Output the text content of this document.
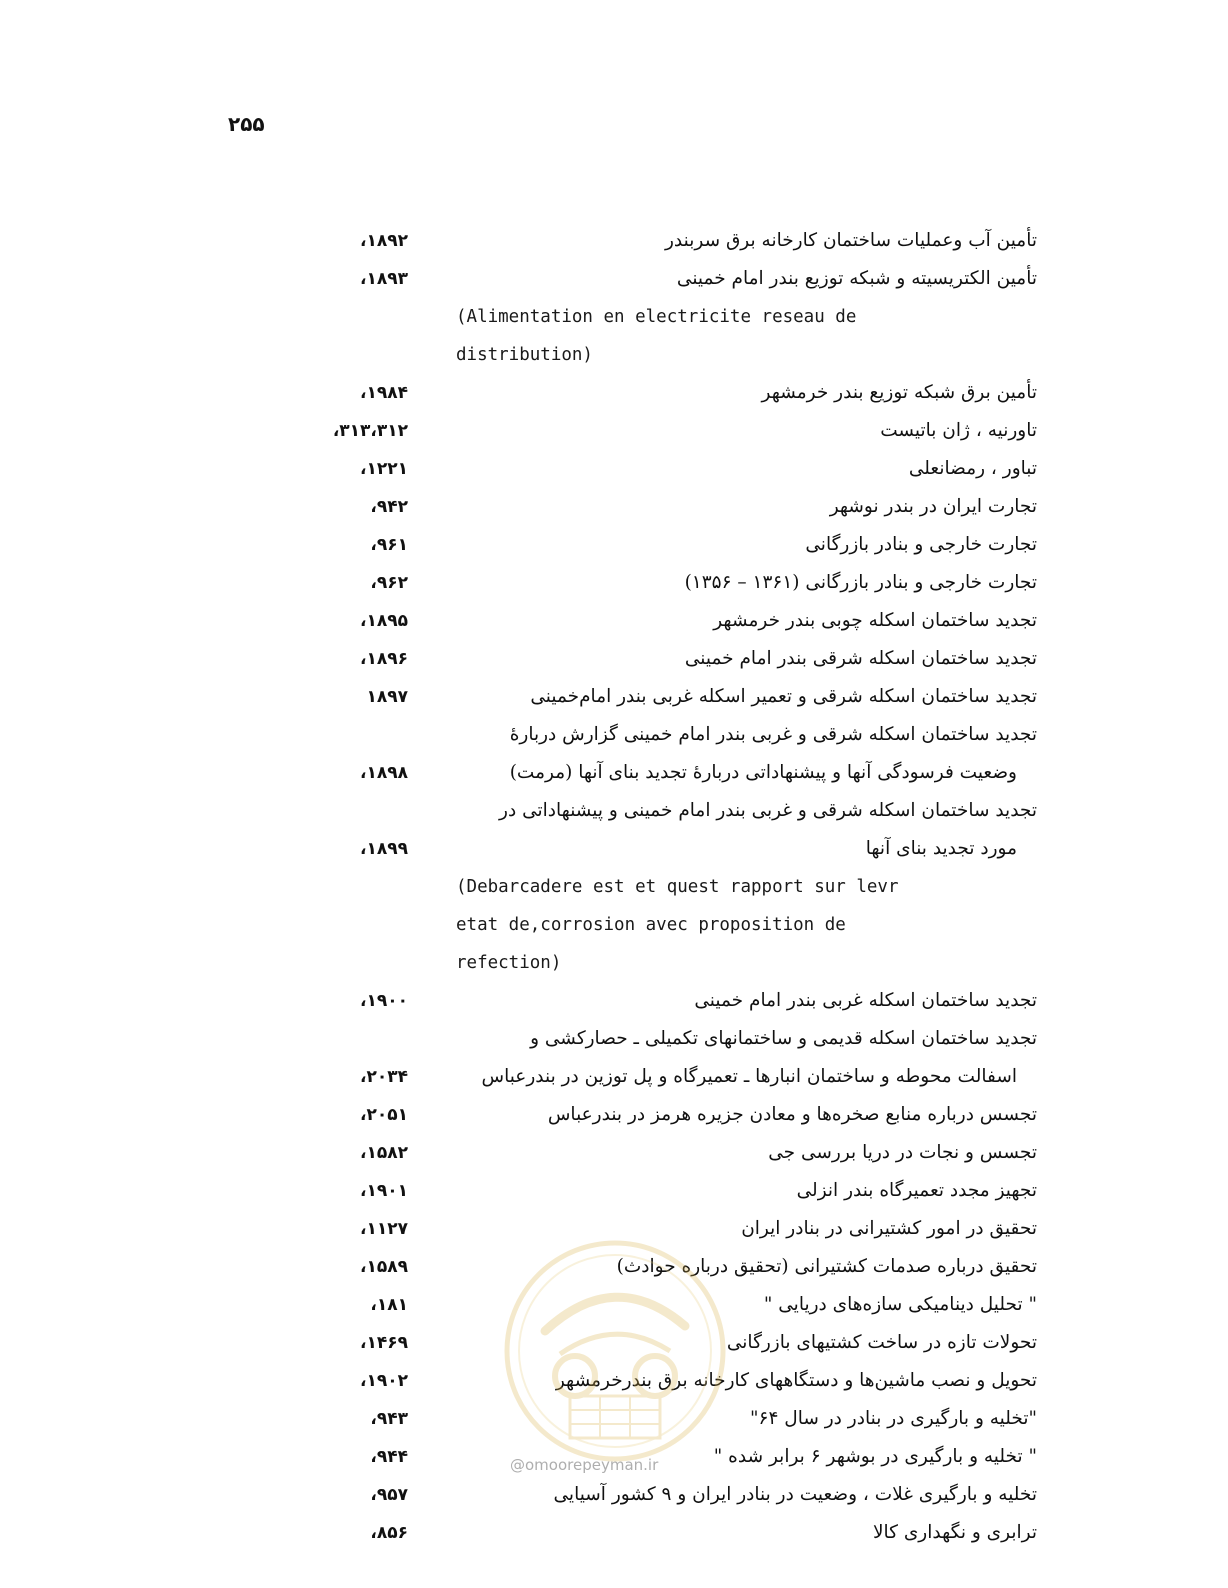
۲۵۵
تأمین آب وعملیات ساختمان کارخانه برق سربندر
۱۸۹۲،
تأمین الکتریسیته و شبکه توزیع بندر امام خمینی
۱۸۹۳،
(Alimentation en electricite reseau de
distribution)
تأمین برق شبکه توزیع بندر خرمشهر
۱۹۸۴،
تاورنیه ، ژان باتیست
۳۱۳،۳۱۲،
تباور ، رمضانعلی
۱۲۲۱،
تجارت ایران در بندر نوشهر
۹۴۲،
تجارت خارجی و بنادر بازرگانی
۹۶۱،
تجارت خارجی و بنادر بازرگانی (۱۳۶۱ – ۱۳۵۶)
۹۶۲،
تجدید ساختمان اسکله چوبی بندر خرمشهر
۱۸۹۵،
تجدید ساختمان اسکله شرقی بندر امام خمینی
۱۸۹۶،
تجدید ساختمان اسکله شرقی و تعمیر اسکله غربی بندر امام‌خمینی
۱۸۹۷
تجدید ساختمان اسکله شرقی و غربی بندر امام خمینی گزارش درباره‌ٔ
وضعیت فرسودگی آنها و پیشنهاداتی درباره‌ٔ تجدید بنای آنها (مرمت)
۱۸۹۸،
تجدید ساختمان اسکله شرقی و غربی بندر امام خمینی و پیشنهاداتی در
مورد تجدید بنای آنها
۱۸۹۹،
(Debarcadere est et quest rapport sur levr
etat de,corrosion avec proposition de
refection)
تجدید ساختمان اسکله غربی بندر امام خمینی
۱۹۰۰،
تجدید ساختمان اسکله قدیمی و ساختمانهای تکمیلی ـ حصارکشی و
اسفالت محوطه و ساختمان انبارها ـ تعمیرگاه و پل توزین در بندرعباس
۲۰۳۴،
تجسس درباره منابع صخره‌ها و معادن جزیره هرمز در بندرعباس
۲۰۵۱،
تجسس و نجات در دریا بررسی جی
۱۵۸۲،
تجهیز مجدد تعمیرگاه بندر انزلی
۱۹۰۱،
تحقیق در امور کشتیرانی در بنادر ایران
۱۱۲۷،
تحقیق درباره صدمات کشتیرانی (تحقیق درباره حوادث)
۱۵۸۹،
" تحلیل دینامیکی سازه‌های دریایی "
۱۸۱،
تحولات تازه در ساخت کشتیهای بازرگانی
۱۴۶۹،
تحویل و نصب ماشین‌ها و دستگاههای کارخانه برق بندرخرمشهر
۱۹۰۲،
"تخلیه و بارگیری در بنادر در سال ۶۴"
۹۴۳،
" تخلیه و بارگیری در بوشهر ۶ برابر شده "
۹۴۴،
تخلیه و بارگیری غلات ، وضعیت در بنادر ایران و ۹ کشور آسیایی
۹۵۷،
ترابری و نگهداری کالا
۸۵۶،
@omoorepeyman.ir
